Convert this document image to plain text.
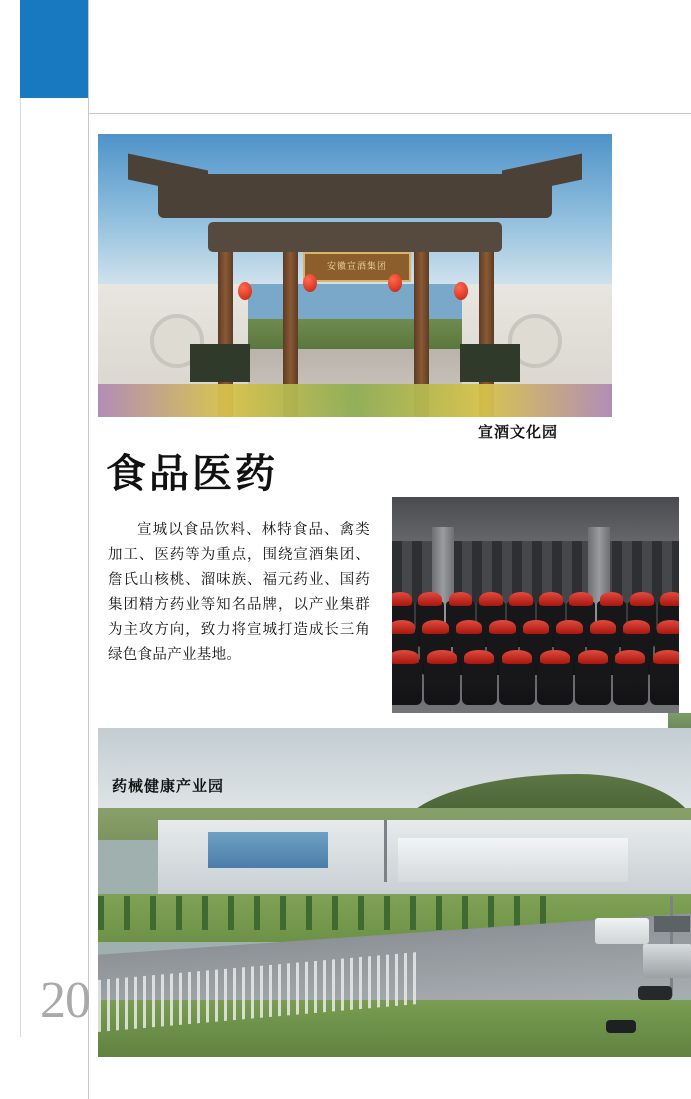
安徽宣酒集团
宣酒文化园
食品医药
宣城以食品饮料、林特食品、禽类加工、医药等为重点，围绕宣酒集团、詹氏山核桃、溜味族、福元药业、国药集团精方药业等知名品牌，以产业集群为主攻方向，致力将宣城打造成长三角绿色食品产业基地。
药械健康产业园
20
